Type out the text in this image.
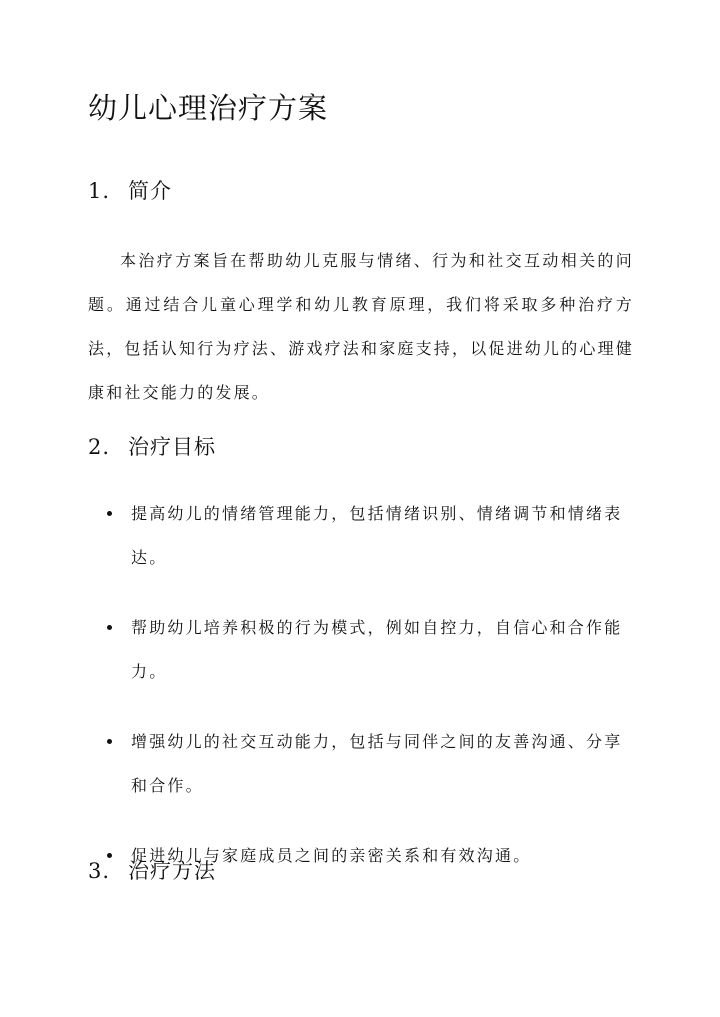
幼儿心理治疗方案
1. 简介

本治疗方案旨在帮助幼儿克服与情绪、行为和社交互动相关的问题。通过结合儿童心理学和幼儿教育原理，我们将采取多种治疗方法，包括认知行为疗法、游戏疗法和家庭支持，以促进幼儿的心理健康和社交能力的发展。

2. 治疗目标
提高幼儿的情绪管理能力，包括情绪识别、情绪调节和情绪表达。
帮助幼儿培养积极的行为模式，例如自控力，自信心和合作能力。
增强幼儿的社交互动能力，包括与同伴之间的友善沟通、分享和合作。
促进幼儿与家庭成员之间的亲密关系和有效沟通。
3. 治疗方法
